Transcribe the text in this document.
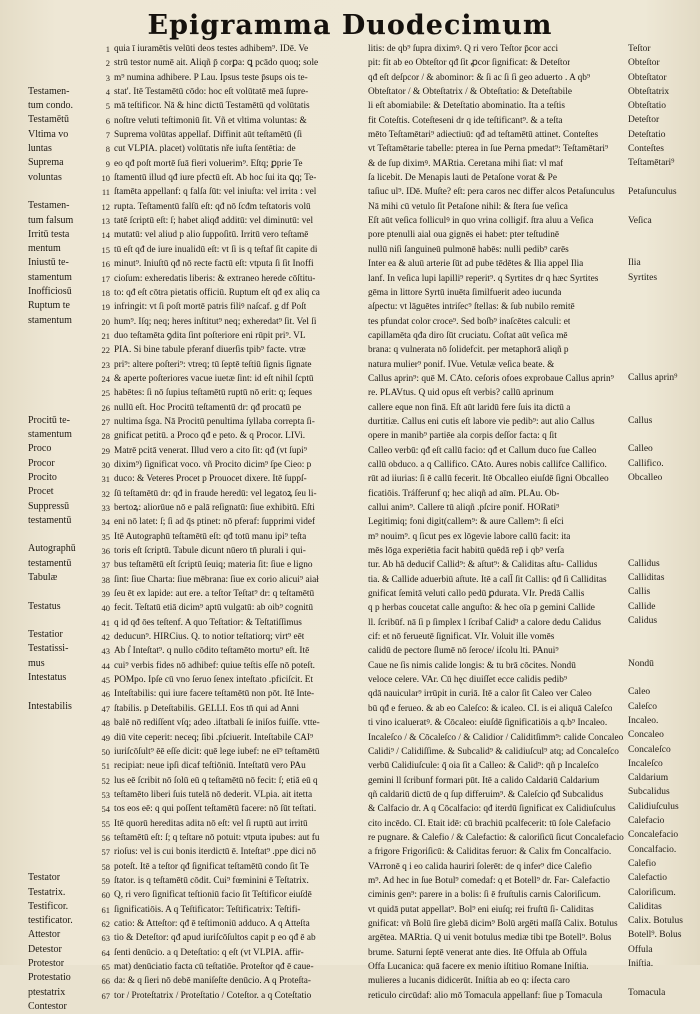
Epigramma Duodecimum

Testamen-
tum condo.
Testamētū
Vltima vo
luntas
Suprema
voluntas

Testamen-
tum falsum
Irritū testa
mentum
Iniustū te-
stamentum
Inofficiosū
Ruptum te
stamentum

Procitū te-
stamentum
Proco
Procor
Procito
Procet
Suppressū
testamentū

Autographū
testamentū
Tabulæ

Testatus

Testatior
Testatissi-
mus
Intestatus

Intestabilis

Testator
Testatrix.
Testificor.
testificator.
Attestor
Detestor
Protestor
Protestatio
ptestatrix
Contestor
1 quia ī iuramētis velūti deos testes adhibem⁹. IDē. Ve
2 strū testor numē ait. Aliqñ p̄ corꝑa: ꝗ pcādo quoq; sole
3 m⁹ numina adhibere. P Lau. Ipsus teste p̄sups ois te-
4 stat'. Itē Testamētū cōdo: hoc eſt volūtatē meā ſupre-
5 mā teſtificor. Nā & hinc dictū Testamētū qd volūtatis
6 noſtre veluti teſtimoniū ſit. Vñ et vltima voluntas: &
7 Suprema volūtas appellaf. Diffinit aūt teſtamētū (ſi
8 cut VLPIA. placet) volūtatis nře iuſta ſentētia: de
9 eo qđ poſt mortē ſuā fieri voluerim⁹. Eſtq; ꝑprie Te
10 ſtamentū illud qđ iure pfectū eſt. Ab hoc ſui ita ꝗq; Te-
11 ſtamēta appellanf: q falſa ſūt: vel iniuſta: vel irrita : vel
12 rupta. Teſtamentū falſū eſt: qđ nō ſcđm teſtatoris volū
13 tatē ſcriptū eſt: ſ; habet aliqđ additū: vel diminutū: vel
14 mutatū: vel aliud p alio ſuppoſitū. Irritū vero teſtamē
15 tū eſt qđ de iure inualidū eſt: vt ſi is q teſtaf ſit capite di
16 minut⁹. Iniuſtū qđ nō recte factū eſt: vtputa ſi ſit Inoffi
17 cioſum: exheredatis liberis: & extraneo herede cōſtitu-
18 to: qđ eſt cōtra pietatis officiū. Ruptum eſt qđ ex aliq ca
19 infringit: vt ſi poſt mortē patris filiꝰ naſcaf. g df Poſt
20 hum⁹. Iſq; neq; heres inſtitut⁹ neq; exheredat⁹ ſit. Vel ſi
21 duo teſtamēta ꝯdita ſint poſteriore eni rūpit pri⁹. VL
22 PIA. Si bine tabule pferanf diuerſis tpib⁹ facte. vtræ
23 pri⁹: altere poſteri⁹: vtreq; tū ſeptē teſtiū ſignis ſignate
24 & aperte poſteriores vacue iuetæ ſint: id eſt nihil ſcptū
25 habētes: ſi nō ſupius teſtamētū ruptū nō erit: q; ſeques
26 nullū eſt. Hoc Procitū teſtamentū dr: qđ procatū pe
27 nultima ſsga. Nā Procitū penultima ſyllaba correpta ſi-
28 gnificat petitū. a Proco qđ e peto. & q Procor. LIVi.
29 Matrē pcitā venerat. Illud vero a cito ſit: qđ (vt ſupi⁹
30 dixim⁹) ſignificat voco. vñ Procito dicim⁹ ſpe Cieo: p
31 duco: & Veteres Procet p Prouocet dixere. Itē ſuppſ-
32 ſū teſtamētū dr: qđ in fraude heredū: vel legatoꝝ ſeu li-
33 bertoꝝ: aliorūue nō e palā reſignatū: ſiue exhibitū. Eſti
34 eni nō latet: ſ; ſi ad q̄s ptinet: nō pferaf: ſupprimi videf
35 Itē Autographū teſtamētū eſt: qđ totū manu ipi⁹ teſta
36 toris eſt ſcriptū. Tabule dicunt nūero tn̄ plurali i qui-
37 bus teſtamētū eſt ſcriptū ſeuiq; materia ſit: ſiue e ligno
38 ſint: ſiue Charta: ſiue mēbrana: ſiue ex corio alicui⁹ aiał
39 ſeu ēt ex lapide: aut ere. a teſtor Teſtat⁹ dr: q teſtamētū
40 fecit. Teſtatū etiā dicim⁹ aptū vulgatū: ab oib⁹ cognitū
41 q id qđ ōes teſtenf. A quo Teſtatior: & Teſtatiſſimus
42 deducun⁹. HIRCius. Q. to notior teſtatiorq; virt⁹ eēt
43 Ab ẛ Inteſtat⁹. q nullo cōdito teſtamēto mortu⁹ eſt. Itē
44 cui⁹ verbis fides nō adhibef: quiue teſtis eſſe nō poteſt.
45 POMpo. Ipſe cū vno ſeruo ſenex inteſtato .pficiſcit. Et
46 Inteſtabilis: qui iure facere teſtamētū non pōt. Itē Inte-
47 ſtabilis. p Deteſtabilis. GELLI. Eos tn̄ qui ad Anni
48 balē nō rediſſent vſq; adeo .iſtatbali ſe iniſos fuiſſe. vtte-
49 diū vite ceperit: neceq; ſibi .pſciuerit. Inteſtabile CAI⁹
50 iuriſcōſult⁹ ēē eſſe dicit: quē lege iubef: ne eī⁹ teſtamētū
51 recipiat: neue ipſi dicaf teſtiōniū. Inteſtatū vero PAu
52 lus eē ſcribit nō ſolū eū q teſtamētū nō fecit: ſ; etiā eū q
53 teſtamēto liberi ſuis tutelā nō dederit. VLpia. ait itetta
54 tos eos eē: q qui poſſent teſtamētū facere: nō ſūt teſtati.
55 Itē quorū hereditas adita nō eſt: vel ſi ruptū aut irritū
56 teſtamētū eſt: ſ; q teſtare nō potuit: vtputa ipubes: aut fu
57 rioſus: vel is cui bonis iterdictū ē. Inteſtat⁹ .ppe dici nō
58 poteſt. Itē a teſtor qđ ſignificat teſtamētū condo ſit Te
59 ſtator. is q teſtamētū cōdit. Cui⁹ fœminini ē Teſtatrix.
60 Q, ri vero ſignificat teſtioniū facio ſit Teſtificor eiuſdē
61 ſignificatiōis. A q Teſtificator: Teſtificatrix: Teſtifi-
62 catio: & Atteſtor: qđ ē teſtimoniū adduco. A q Atteſta
63 tio & Deteſtor: qđ apud iuriſcōſultos capit p eo qđ ē ab
64 ſenti denūcio. a q Deteſtatio: q eſt (vt VLPIA. affir-
65 mat) denūciatio facta cū teſtatiōe. Proteſtor qđ ē caue-
66 da: & q ſieri nō debē maniſeſte denūcio. A q Proteſta-
67 tor / Proteſtatrix / Proteſtatio / Coteſtor. a q Coteſtatio
litis: de qb⁹ ſupra diximꝰ. Q ri vero Teſtor p̄cor acci
pit: fit ab eo Obteſtor qđ ſit ꝓcor ſignificat: & Deteſtor
qđ eſt deſpcor / & abominor: & ſi ac ſi ſi geo aduerto . A qb⁹
Obteſtator / & Obteſtatrix / & Obteſtatio: & Deteſtabile
li eſt abomiabile: & Deteſtatio abominatio. Ita a teſtis
fit Coteſtis. Coteſteseni dr q ide teſtificant⁹. & a teſta
mēto Teſtamētari⁹ adiectiuū: qđ ad teſtamētū attinet. Conteſtes
vt Teſtamētarie tabelle: pterea in ſue Perna pmedat⁹: Teſtamētari⁹
& de ſup diximꝰ. MARtia. Ceretana mihi ſiat: vl maf
ſa licebit. De Menapis lauti de Petaſone vorat & Pe
taſiuc ul⁹. IDē. Muſte? eſt: pera caros nec differ alcos Petaſunculus
Nā mihi cū vetulo ſit Petaſone nihil: & ſtera ſue veſica
Eſt aūt veſica folliculꝰ in quo vrina colligif. ſtra aluu a Veſica
pore ptenulli aial oua gignēs ei habet: pter teſtudinē
nullū niſi ſanguineū pulmonē habēs: nulli pedib⁹ carēs
Inter ea & aluū arterie ſūt ad pube tēdētes & Ilia appel Ilia
lanf. In veſica lupi lapilli⁹ reperit⁹. q Syrtites dr q hæc Syrtites
gēma in littore Syrtū inuēta ſimilfuerit adeo iucunda
aſpectu: vt lāguētes intriſec⁹ ſtellas: & ſub nubilo remitē
tes pfundat color croce⁹. Sed boſb⁹ inaſcētes calculi: et
capillamēta qđa diro ſūt cruciatu. Coſtat aūt veſica mē
brana: q vulnerata nō ſolidefcit. per metaphorā aliqñ p
natura mulier⁹ ponif. IVue. Vetulæ veſica beate. &
Callus aprin⁹: quē M. CAto. ceſoris ofoes exprobaue Callus aprin⁹
re. PLAVtus. Q uid opus eſt verbis? callū aprinum
callere eque non finā. Eſt aūt laridū fere ſuis ita dictū a
durtitiæ. Callus eni cutis eſt labore vie pedib⁹: aut alio Callus
opere in manib⁹ partiēe ala corpis deſſor facta: q ſit
Calleo verbū: qđ eſt callū facio: qđ et Callum duco ſue Calleo
callū obduco. a q Callifico. CAto. Aures nobis callifce Callifico.
rūt ad iiurias: ſi ē callū fecerit. Itē Obcalleo eiuſdē ſigni Obcalleo
ficatiōis. Tráſferunf q; hec aliqñ ad aīm. PLAu. Ob-
callui anim⁹. Callere tū aliqñ .pſcire ponif. HORati⁹
Legitimiq; foni digit(callem⁹: & aure Callem⁹: ſi eſci
m⁹ nouim⁹. q ſicut pes ex lōgevie labore callū facit: ita
mēs lōga experiētia facit habitū quēdā rep̄ i qb⁹ verſa
tur. Ab hā deducif Callid⁹: & aſtut⁹: & Caliditas aſtu- Callidus
tia. & Callide aduerbiū aſtute. Itē a call̄ ſit Callis: qđ ſi Calliditas
gnificat ſemitā veluti callo pedū ꝑdurata. VIr. Predā Callis
q p herbas coucetat calle anguſto: & hec oīa p gemini Callide
ll. ſcribūf. nā ſi p ſimplex l ſcribaf Calid⁹ a calore dedu Calidus
cif: et nō ferueutē ſignificat. VIr. Voluit ille vomēs
calidū de pectore ſlumē nō ſeroce/ iſcolu lti. PAnui⁹
Caue ne ſis nimis calide longis: & tu brā cōcites. Nondū
veloce celere. VAr. Cū hęc diuiſſet ecce calidis pedib⁹
qdā nauicular⁹ irrūpit in curiā. Itē a calor ſit Caleo ver Caleo
bū qđ e ferueo. & ab eo Caleſco: & icaleo. CI. is ei aliquā Caleſco
ti vino icalueratꝰ. & Cōcaleo: eiuſdē ſignificatiōis a q.b⁹ Incaleo.
Incaleſco / & Cōcaleſco / & Calidior / Caliditſimm⁹: calide Concaleo
Calidi⁹ / Calidiſſime. & Subcalid⁹ & calidiuſcul⁹ atq; ad Concaleſco
verbū Calidiuſcule: q̄ oia ſit a Calleo: & Calid⁹: qñ p Incaleſco
gemini ll ſcribunf formari pūt. Itē a calido Caldariū Caldarium
qñ caldariū dictū de q ſup differuim⁹. & Caleſcio qđ Subcalidus
& Calfacio dr. A q Cōcalfacio: qđ iterdū ſignificat ex Calidiuſculus
cito incēdo. CI. Etait idē: cū brachiū pcalfecerit: tū ſole Calefacio
re pugnare. & Calefio / & Calefactio: & caloriſicū ſicut Concalefacio
a frigore Frigoriſicū: & Caliditas feruor: & Calix fm Concalfacio.
VArronē q i eo calida hauriri ſolerēt: de q infer⁹ dice Calefio
m⁹. Ad hec in ſue Botul⁹ comedaf: q et Botell⁹ dr. Far- Calefactio
ciminis gen⁹: parere in a bolis: ſi ē fruſtulis carnis Caloriſicum.
vt quidā putat appellat⁹. Bol⁹ eni eiuſq; rei fruſtū ſi- Caliditas
gnificat: vñ Bolū ſire glebā dicim⁹ Bolū argēti maſſā Calix. Botulus
argētea. MARtia. Q ui venit botulus mediæ tibi tpe Botell⁹. Bolus
brume. Saturni ſeptē venerat ante dies. Itē Offula ab Offula
Offa Lucanica: quā facere ex menio iſtitiuo Romane Iniſtia.
mulieres a lucanis didicerūt. Iniſtia ab eo q: iſecta caro
reticulo circūdaf: alio mō Tomacula appellanf: ſiue p Tomacula
Teſtor
Obteſtor
Obteſtator
Obteſtatrix
Obteſtatio
Deteſtor
Deteſtatio
Conteſtes
Teſtamētari⁹

Petaſunculus

Veſica

Ilia
Syrtites

Callus aprin⁹

Callus

Calleo
Callifico.
Obcalleo

Callidus
Calliditas
Callis
Callide
Calidus

Nondū

Caleo
Caleſco
Incaleo.
Concaleo
Concaleſco
Incaleſco
Caldarium
Subcalidus
Calidiuſculus
Calefacio
Concalefacio
Concalfacio.
Calefio
Calefactio
Caloriſicum.
Caliditas
Calix. Botulus
Botell⁹. Bolus
Offula
Iniſtia.

Tomacula
